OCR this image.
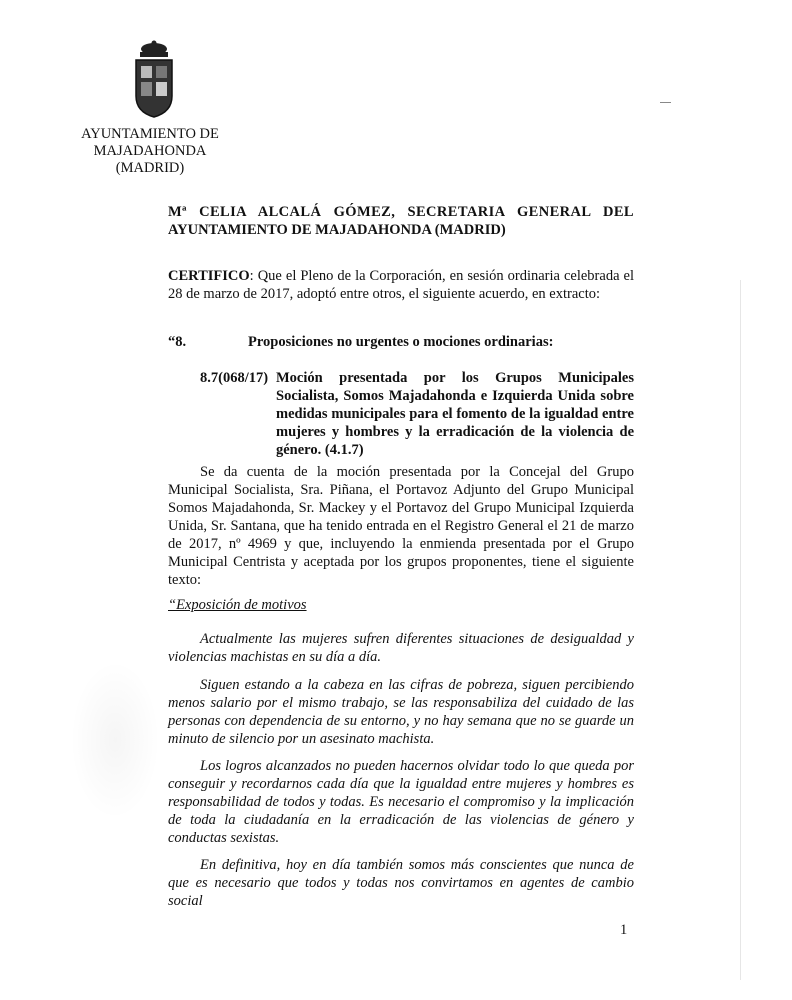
AYUNTAMIENTO DE
MAJADAHONDA
(MADRID)
Mª CELIA ALCALÁ GÓMEZ, SECRETARIA GENERAL DEL
AYUNTAMIENTO DE MAJADAHONDA (MADRID)
CERTIFICO: Que el Pleno de la Corporación, en sesión ordinaria celebrada el 28 de marzo de 2017, adoptó entre otros, el siguiente acuerdo, en extracto:
“8.	Proposiciones no urgentes o mociones ordinarias:
8.7(068/17) Moción presentada por los Grupos Municipales Socialista, Somos Majadahonda e Izquierda Unida sobre medidas municipales para el fomento de la igualdad entre mujeres y hombres y la erradicación de la violencia de género. (4.1.7)
Se da cuenta de la moción presentada por la Concejal del Grupo Municipal Socialista, Sra. Piñana, el Portavoz Adjunto del Grupo Municipal Somos Majadahonda, Sr. Mackey y el Portavoz del Grupo Municipal Izquierda Unida, Sr. Santana, que ha tenido entrada en el Registro General el 21 de marzo de 2017, nº 4969 y que, incluyendo la enmienda presentada por el Grupo Municipal Centrista y aceptada por los grupos proponentes, tiene el siguiente texto:
“Exposición de motivos
Actualmente las mujeres sufren diferentes situaciones de desigualdad y violencias machistas en su día a día.
Siguen estando a la cabeza en las cifras de pobreza, siguen percibiendo menos salario por el mismo trabajo, se las responsabiliza del cuidado de las personas con dependencia de su entorno, y no hay semana que no se guarde un minuto de silencio por un asesinato machista.
Los logros alcanzados no pueden hacernos olvidar todo lo que queda por conseguir y recordarnos cada día que la igualdad entre mujeres y hombres es responsabilidad de todos y todas. Es necesario el compromiso y la implicación de toda la ciudadanía en la erradicación de las violencias de género y conductas sexistas.
En definitiva, hoy en día también somos más conscientes que nunca de que es necesario que todos y todas nos convirtamos en agentes de cambio social
1
